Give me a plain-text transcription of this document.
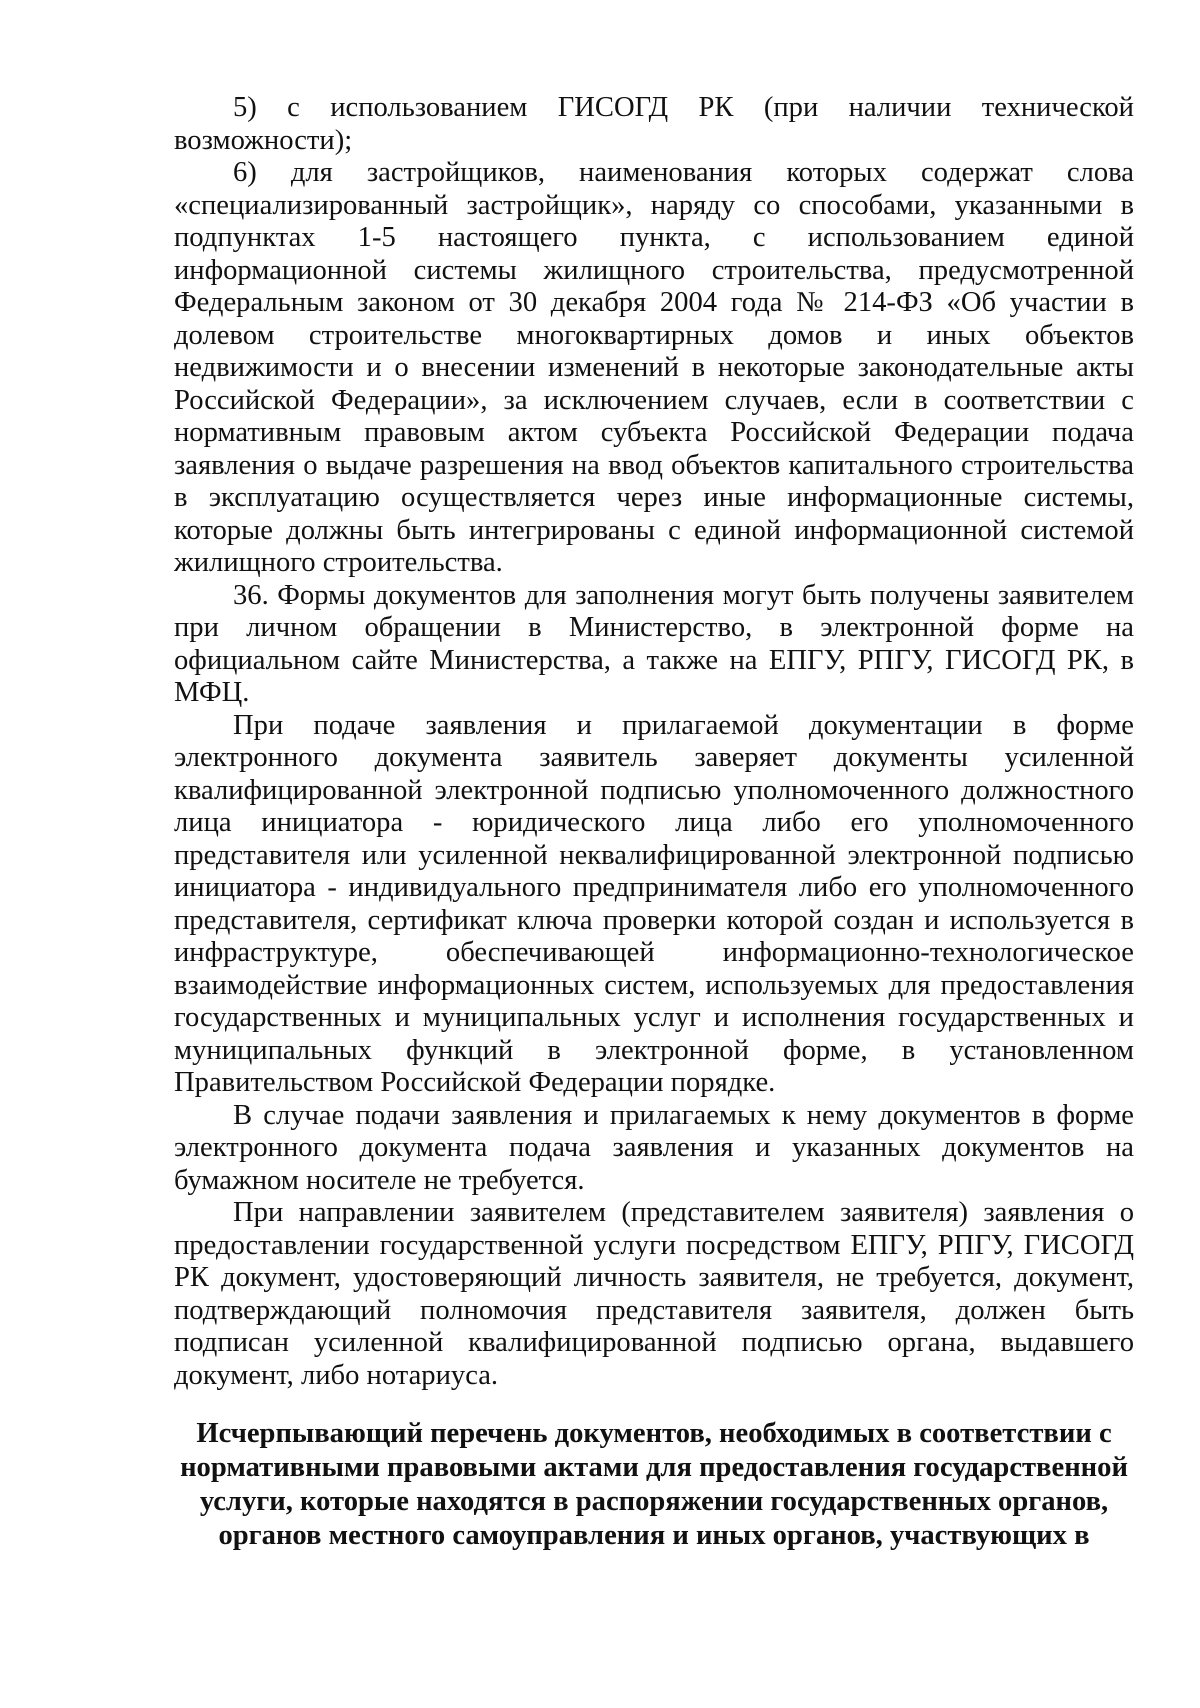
5) с использованием ГИСОГД РК (при наличии технической возможности);

6) для застройщиков, наименования которых содержат слова «специализированный застройщик», наряду со способами, указанными в подпунктах 1-5 настоящего пункта, с использованием единой информационной системы жилищного строительства, предусмотренной Федеральным законом от 30 декабря 2004 года № 214-ФЗ «Об участии в долевом строительстве многоквартирных домов и иных объектов недвижимости и о внесении изменений в некоторые законодательные акты Российской Федерации», за исключением случаев, если в соответствии с нормативным правовым актом субъекта Российской Федерации подача заявления о выдаче разрешения на ввод объектов капитального строительства в эксплуатацию осуществляется через иные информационные системы, которые должны быть интегрированы с единой информационной системой жилищного строительства.

36. Формы документов для заполнения могут быть получены заявителем при личном обращении в Министерство, в электронной форме на официальном сайте Министерства, а также на ЕПГУ, РПГУ, ГИСОГД РК, в МФЦ.

При подаче заявления и прилагаемой документации в форме электронного документа заявитель заверяет документы усиленной квалифицированной электронной подписью уполномоченного должностного лица инициатора - юридического лица либо его уполномоченного представителя или усиленной неквалифицированной электронной подписью инициатора - индивидуального предпринимателя либо его уполномоченного представителя, сертификат ключа проверки которой создан и используется в инфраструктуре, обеспечивающей информационно-технологическое взаимодействие информационных систем, используемых для предоставления государственных и муниципальных услуг и исполнения государственных и муниципальных функций в электронной форме, в установленном Правительством Российской Федерации порядке.

В случае подачи заявления и прилагаемых к нему документов в форме электронного документа подача заявления и указанных документов на бумажном носителе не требуется.

При направлении заявителем (представителем заявителя) заявления о предоставлении государственной услуги посредством ЕПГУ, РПГУ, ГИСОГД РК документ, удостоверяющий личность заявителя, не требуется, документ, подтверждающий полномочия представителя заявителя, должен быть подписан усиленной квалифицированной подписью органа, выдавшего документ, либо нотариуса.

Исчерпывающий перечень документов, необходимых в соответствии с
нормативными правовыми актами для предоставления государственной
услуги, которые находятся в распоряжении государственных органов,
органов местного самоуправления и иных органов, участвующих в
